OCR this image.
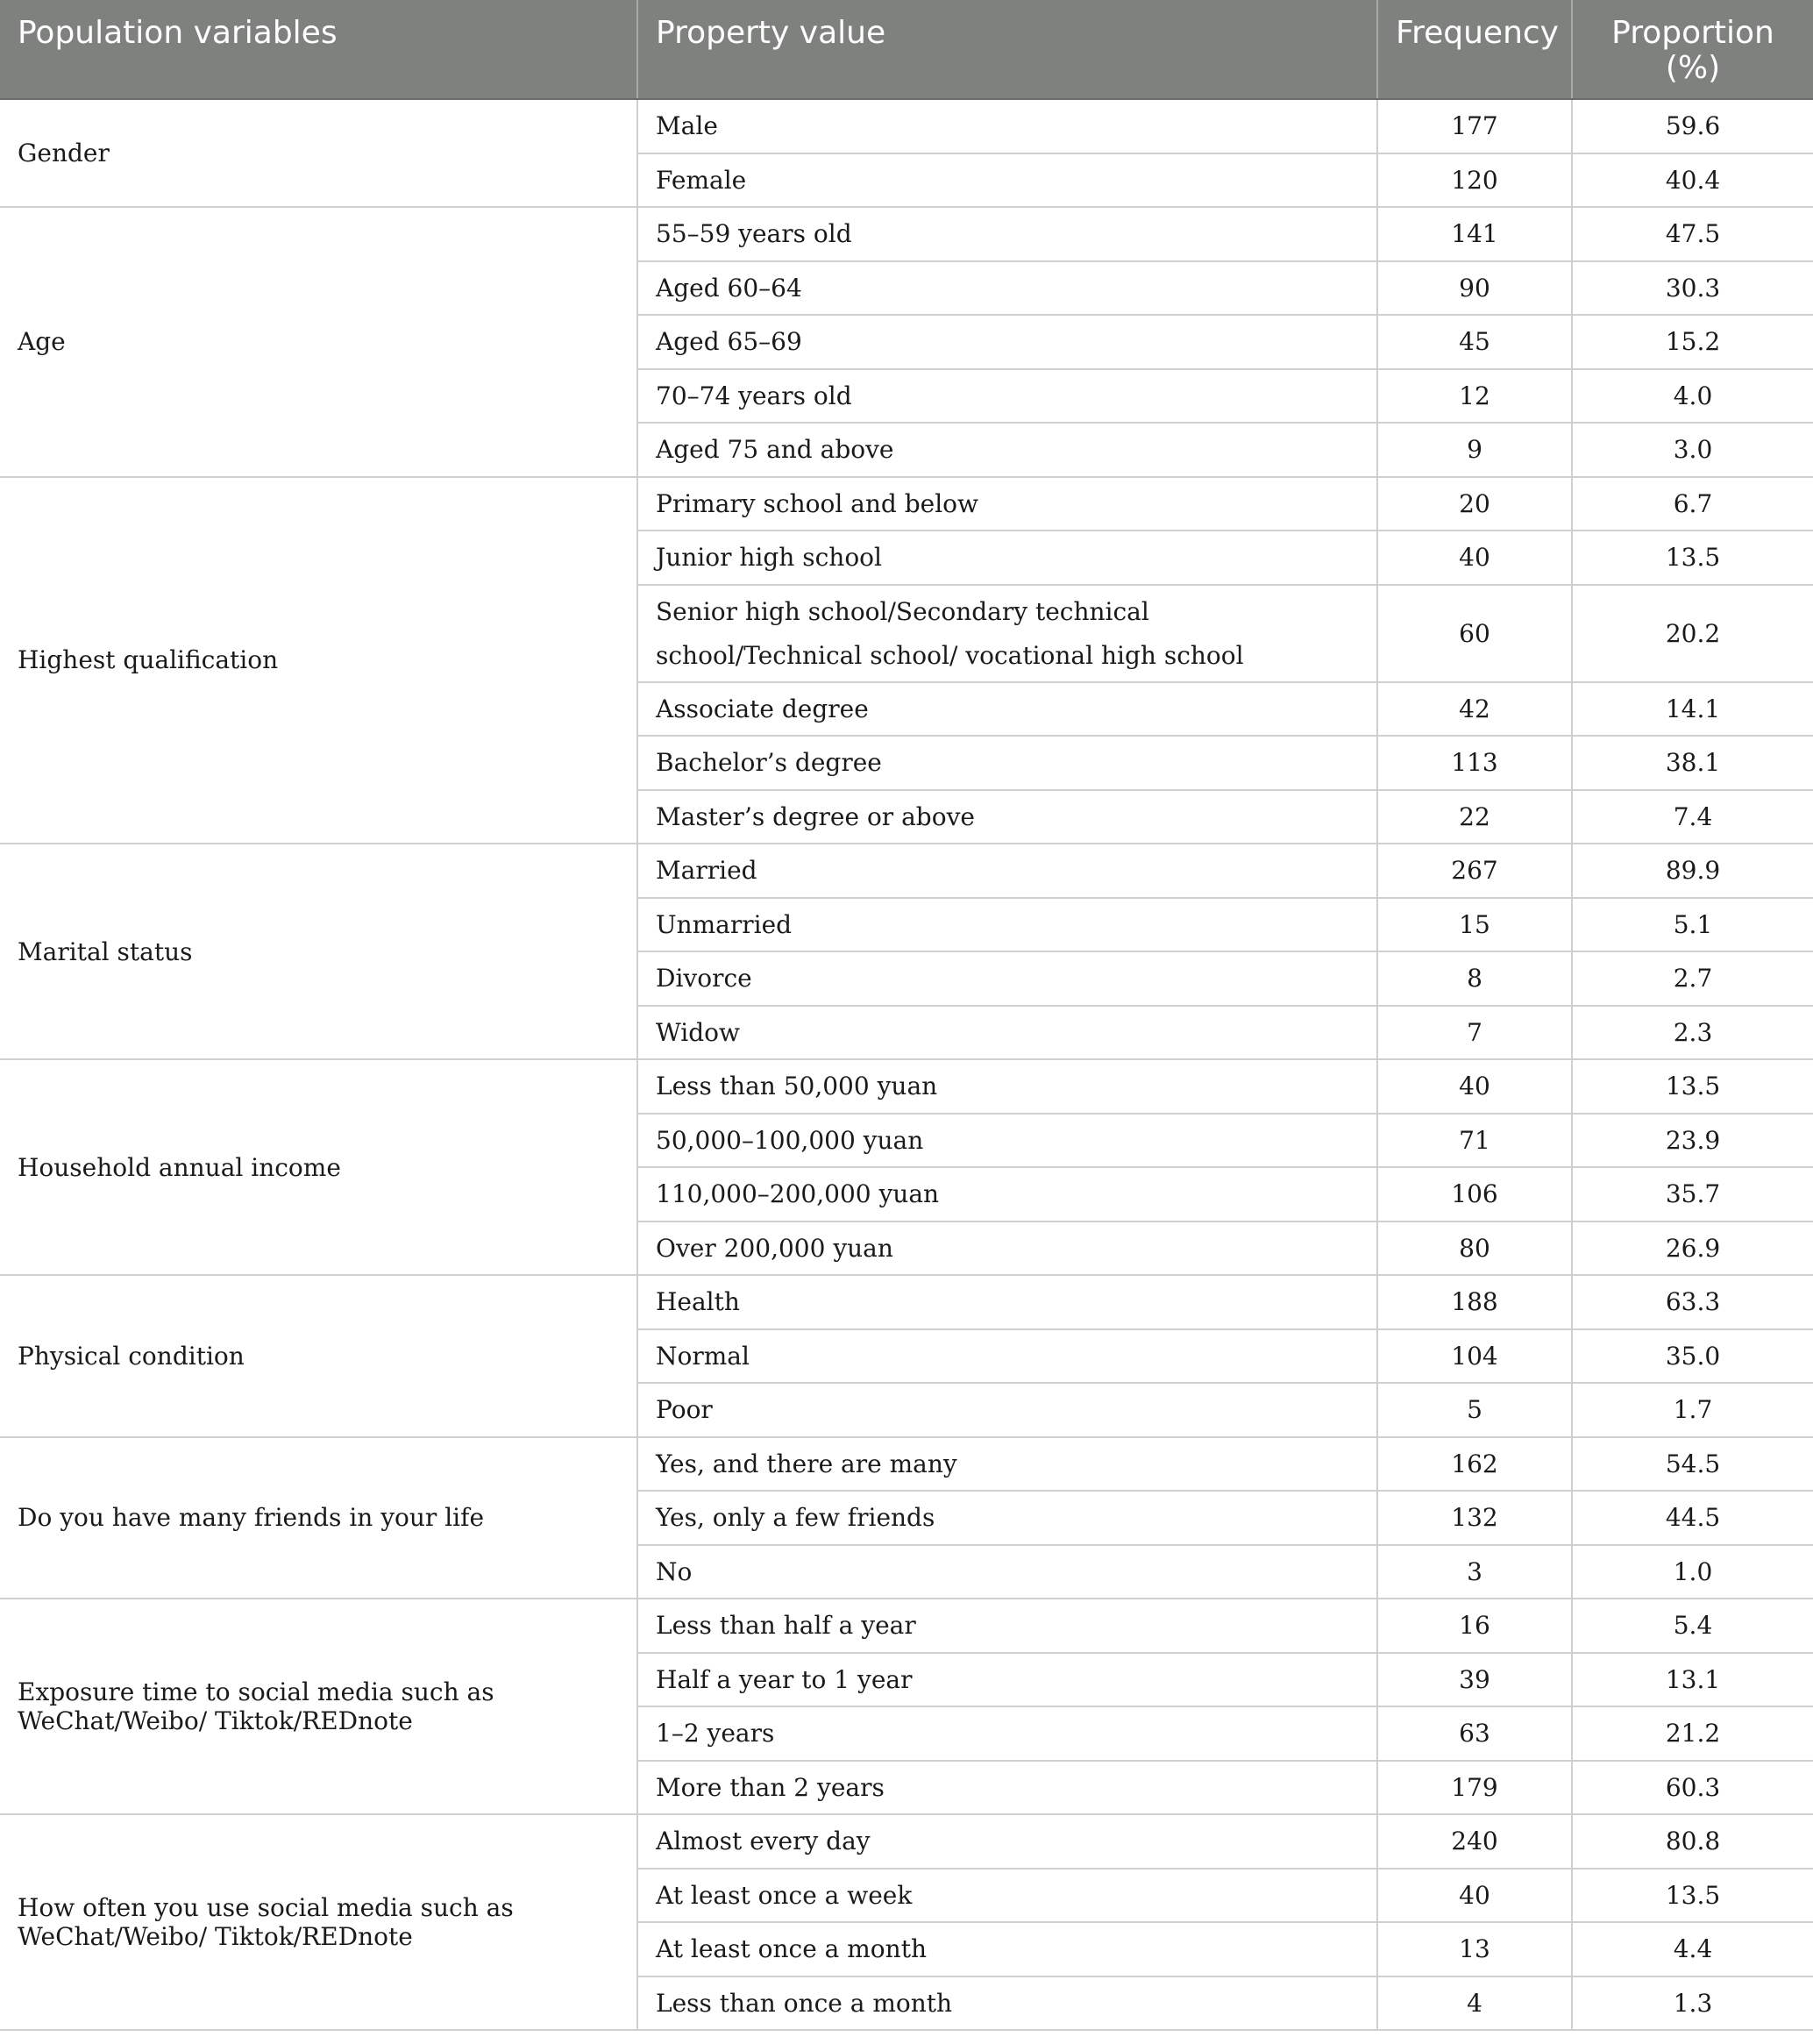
Population variables	Property value	Frequency	Proportion (%)
Gender	Male	177	59.6
	Female	120	40.4
Age	55–59 years old	141	47.5
	Aged 60–64	90	30.3
	Aged 65–69	45	15.2
	70–74 years old	12	4.0
	Aged 75 and above	9	3.0
Highest qualification	Primary school and below	20	6.7
	Junior high school	40	13.5
	Senior high school/Secondary technical school/Technical school/ vocational high school	60	20.2
	Associate degree	42	14.1
	Bachelor’s degree	113	38.1
	Master’s degree or above	22	7.4
Marital status	Married	267	89.9
	Unmarried	15	5.1
	Divorce	8	2.7
	Widow	7	2.3
Household annual income	Less than 50,000 yuan	40	13.5
	50,000–100,000 yuan	71	23.9
	110,000–200,000 yuan	106	35.7
	Over 200,000 yuan	80	26.9
Physical condition	Health	188	63.3
	Normal	104	35.0
	Poor	5	1.7
Do you have many friends in your life	Yes, and there are many	162	54.5
	Yes, only a few friends	132	44.5
	No	3	1.0
Exposure time to social media such as WeChat/Weibo/ Tiktok/REDnote	Less than half a year	16	5.4
	Half a year to 1 year	39	13.1
	1–2 years	63	21.2
	More than 2 years	179	60.3
How often you use social media such as WeChat/Weibo/ Tiktok/REDnote	Almost every day	240	80.8
	At least once a week	40	13.5
	At least once a month	13	4.4
	Less than once a month	4	1.3
